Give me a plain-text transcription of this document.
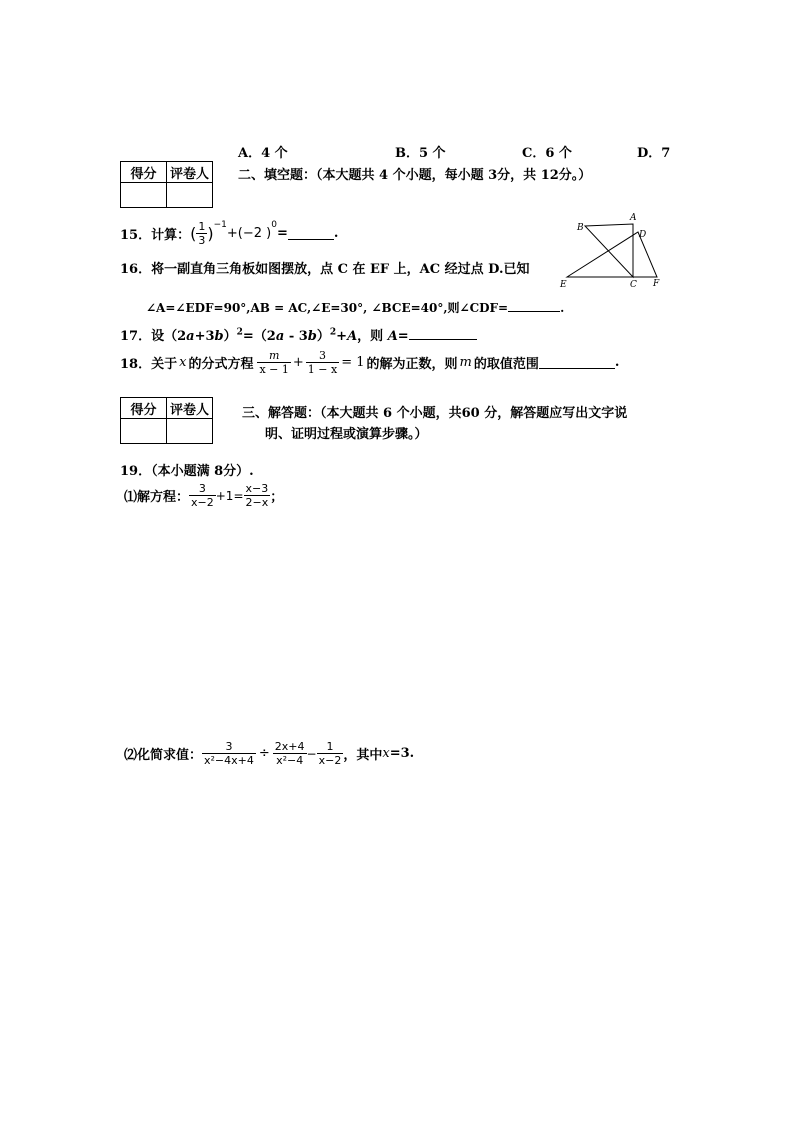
A．4 个	B．5 个	C．6 个	D．7
得分	评卷人
	二、填空题：（本大题共 4 个小题，每小题 3分，共 12分。）
15．计算： ( $\frac{1}{3} )^{-1}$
+(−2 )
$^0$
=	.
16．将一副直角三角板如图摆放，点 C 在 EF 上，AC 经过点 D.已知
∠A=∠EDF=90°,AB = AC,∠E=30°, ∠BCE=40°,则∠CDF=	.
B
A
D
E	C F
17．设$(2a+3b)^2=(2a - 3b)^2+A$，则 A=
18．关于 x 的分式方程 $\frac{m}{x - 1} + \frac{3}{1 - x} = 1$ 的解为正数，则 m 的取值范围	.
得分	评卷人
		三、解答题：（本大题共 6 个小题，共60 分，解答题应写出文字说
明、证明过程或演算步骤。）
19．（本小题满 8分）.
⑴解方程： $\frac{3}{x-2} +1= \frac{x-3}{2-x}$ ；
⑵化简求值： $\frac{3}{\text{x²−4x+4}} \div \frac{2x+4}{\text{x²−4}} - \frac{1}{x-2}$ ，其中 x =3.
